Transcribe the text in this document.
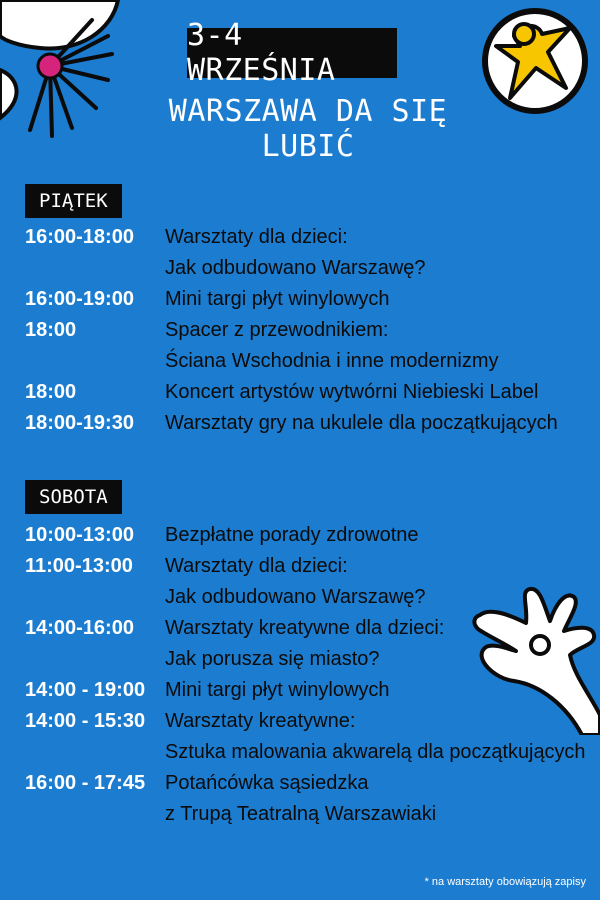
3-4 WRZEŚNIA
WARSZAWA DA SIĘ LUBIĆ
PIĄTEK
16:00-18:00	Warsztaty dla dzieci:
Jak odbudowano Warszawę?
16:00-19:00	Mini targi płyt winylowych
18:00	Spacer z przewodnikiem:
Ściana Wschodnia i inne modernizmy
18:00	Koncert artystów wytwórni Niebieski Label
18:00-19:30	Warsztaty gry na ukulele dla początkujących
SOBOTA
10:00-13:00	Bezpłatne porady zdrowotne
11:00-13:00	Warsztaty dla dzieci:
Jak odbudowano Warszawę?
14:00-16:00	Warsztaty kreatywne dla dzieci:
Jak porusza się miasto?
14:00 - 19:00 Mini targi płyt winylowych
14:00 - 15:30 Warsztaty kreatywne:
Sztuka malowania akwarelą dla początkujących
16:00 - 17:45 Potańcówka sąsiedzka
z Trupą Teatralną Warszawiaki
* na warsztaty obowiązują zapisy
